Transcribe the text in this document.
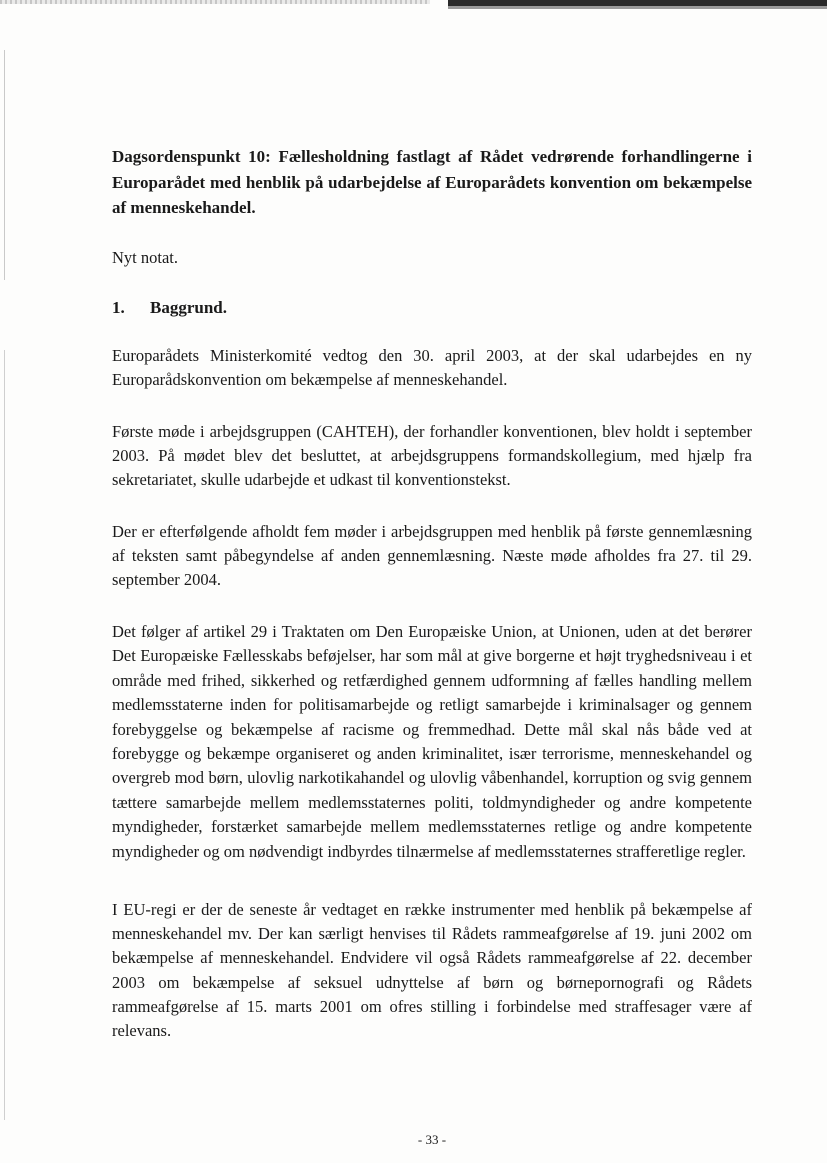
Dagsordenspunkt 10: Fællesholdning fastlagt af Rådet vedrørende forhandlingerne i Europarådet med henblik på udarbejdelse af Europarådets konvention om bekæmpelse af menneskehandel.

Nyt notat.

1. Baggrund.

Europarådets Ministerkomité vedtog den 30. april 2003, at der skal udarbejdes en ny Europarådskonvention om bekæmpelse af menneskehandel.

Første møde i arbejdsgruppen (CAHTEH), der forhandler konventionen, blev holdt i september 2003. På mødet blev det besluttet, at arbejdsgruppens formandskollegium, med hjælp fra sekretariatet, skulle udarbejde et udkast til konventionstekst.

Der er efterfølgende afholdt fem møder i arbejdsgruppen med henblik på første gennemlæsning af teksten samt påbegyndelse af anden gennemlæsning. Næste møde afholdes fra 27. til 29. september 2004.

Det følger af artikel 29 i Traktaten om Den Europæiske Union, at Unionen, uden at det berører Det Europæiske Fællesskabs beføjelser, har som mål at give borgerne et højt tryghedsniveau i et område med frihed, sikkerhed og retfærdighed gennem udformning af fælles handling mellem medlemsstaterne inden for politisamarbejde og retligt samarbejde i kriminalsager og gennem forebyggelse og bekæmpelse af racisme og fremmedhad. Dette mål skal nås både ved at forebygge og bekæmpe organiseret og anden kriminalitet, især terrorisme, menneskehandel og overgreb mod børn, ulovlig narkotikahandel og ulovlig våbenhandel, korruption og svig gennem tættere samarbejde mellem medlemsstaternes politi, toldmyndigheder og andre kompetente myndigheder, forstærket samarbejde mellem medlemsstaternes retlige og andre kompetente myndigheder og om nødvendigt indbyrdes tilnærmelse af medlemsstaternes strafferetlige regler.

I EU-regi er der de seneste år vedtaget en række instrumenter med henblik på bekæmpelse af menneskehandel mv. Der kan særligt henvises til Rådets rammeafgørelse af 19. juni 2002 om bekæmpelse af menneskehandel. Endvidere vil også Rådets rammeafgørelse af 22. december 2003 om bekæmpelse af seksuel udnyttelse af børn og børnepornografi og Rådets rammeafgørelse af 15. marts 2001 om ofres stilling i forbindelse med straffesager være af relevans.

- 33 -
